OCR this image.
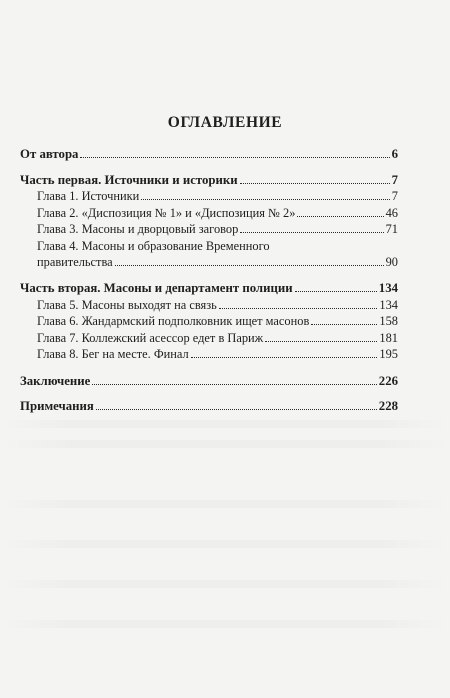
ОГЛАВЛЕНИЕ
От автора	6
Часть первая. Источники и историки	7
Глава 1. Источники	7
Глава 2. «Диспозиция № 1» и «Диспозиция № 2»	46
Глава 3. Масоны и дворцовый заговор	71
Глава 4. Масоны и образование Временного
правительства	90
Часть вторая. Масоны и департамент полиции	134
Глава 5. Масоны выходят на связь	134
Глава 6. Жандармский подполковник ищет масонов	158
Глава 7. Коллежский асессор едет в Париж	181
Глава 8. Бег на месте. Финал	195
Заключение	226
Примечания	228
